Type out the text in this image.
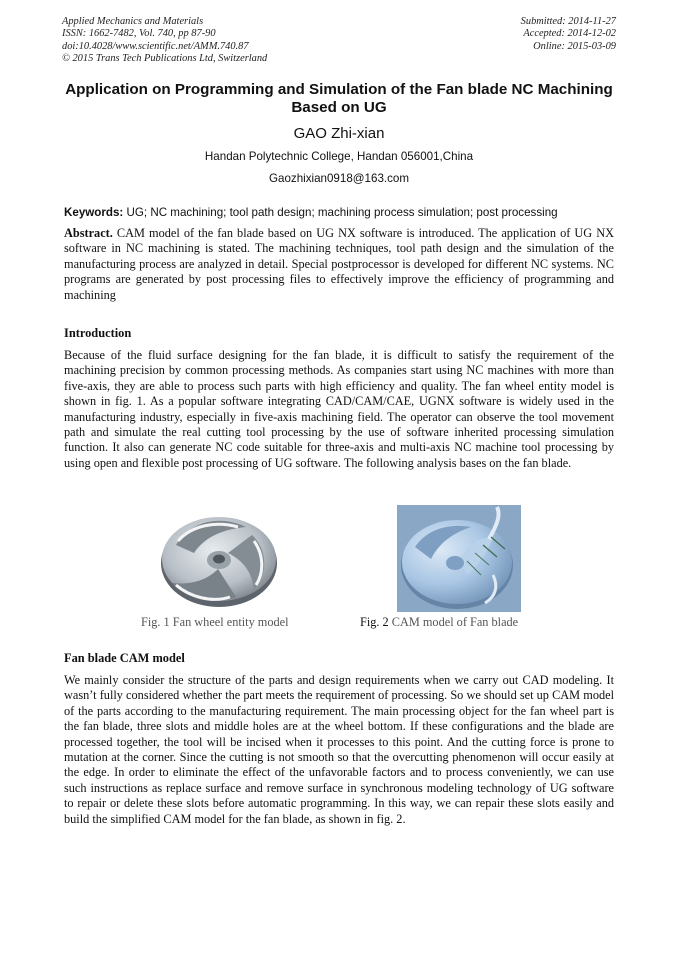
Applied Mechanics and Materials
ISSN: 1662-7482, Vol. 740, pp 87-90
doi:10.4028/www.scientific.net/AMM.740.87
© 2015 Trans Tech Publications Ltd, Switzerland
Submitted: 2014-11-27
Accepted: 2014-12-02
Online: 2015-03-09
Application on Programming and Simulation of the Fan blade NC Machining Based on UG
GAO Zhi-xian
Handan Polytechnic College, Handan 056001,China
Gaozhixian0918@163.com
Keywords: UG; NC machining; tool path design; machining process simulation; post processing
Abstract. CAM model of the fan blade based on UG NX software is introduced. The application of UG NX software in NC machining is stated. The machining techniques, tool path design and the simulation of the manufacturing process are analyzed in detail. Special postprocessor is developed for different NC systems. NC programs are generated by post processing files to effectively improve the efficiency of programming and machining
Introduction
Because of the fluid surface designing for the fan blade, it is difficult to satisfy the requirement of the machining precision by common processing methods. As companies start using NC machines with more than five-axis, they are able to process such parts with high efficiency and quality. The fan wheel entity model is shown in fig. 1. As a popular software integrating CAD/CAM/CAE, UGNX software is widely used in the manufacturing industry, especially in five-axis machining field. The operator can observe the tool movement path and simulate the real cutting tool processing by the use of software inherited processing simulation function. It also can generate NC code suitable for three-axis and multi-axis NC machine tool processing by using open and flexible post processing of UG software. The following analysis bases on the fan blade.
Fig. 1 Fan wheel entity model	Fig. 2 CAM model of Fan blade
Fan blade CAM model
We mainly consider the structure of the parts and design requirements when we carry out CAD modeling. It wasn’t fully considered whether the part meets the requirement of processing. So we should set up CAM model of the parts according to the manufacturing requirement. The main processing object for the fan wheel part is the fan blade, three slots and middle holes are at the wheel bottom. If these configurations and the blade are processed together, the tool will be incised when it processes to this point. And the cutting force is prone to mutation at the corner. Since the cutting is not smooth so that the overcutting phenomenon will occur easily at the edge. In order to eliminate the effect of the unfavorable factors and to process conveniently, we can use such instructions as replace surface and remove surface in synchronous modeling technology of UG software to repair or delete these slots before automatic programming. In this way, we can repair these slots easily and build the simplified CAM model for the fan blade, as shown in fig. 2.
